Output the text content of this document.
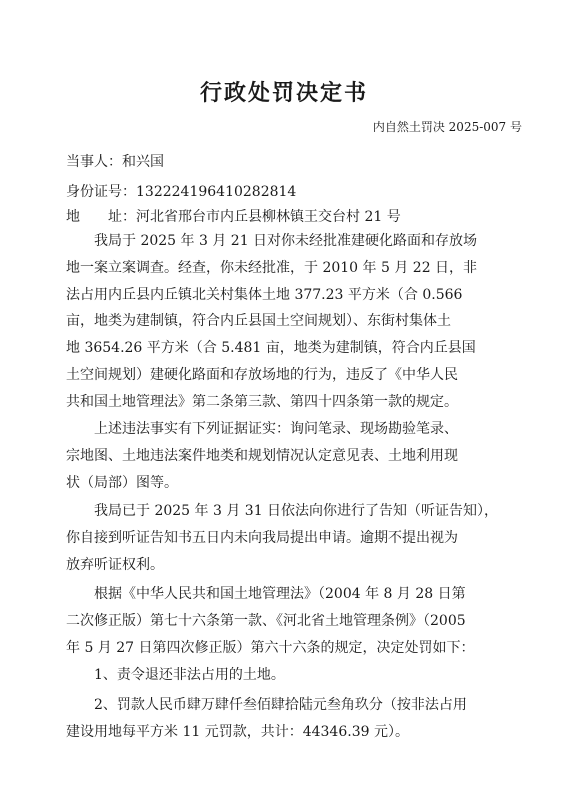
行政处罚决定书
内自然土罚决 2025-007 号
当事人：和兴国
身份证号：132224196410282814
地　　址：河北省邢台市内丘县柳林镇王交台村 21 号
　　我局于 2025 年 3 月 21 日对你未经批准建硬化路面和存放场
地一案立案调查。经查，你未经批准，于 2010 年 5 月 22 日，非
法占用内丘县内丘镇北关村集体土地 377.23 平方米（合 0.566
亩，地类为建制镇，符合内丘县国土空间规划）、东街村集体土
地 3654.26 平方米（合 5.481 亩，地类为建制镇，符合内丘县国
土空间规划）建硬化路面和存放场地的行为，违反了《中华人民
共和国土地管理法》第二条第三款、第四十四条第一款的规定。
　　上述违法事实有下列证据证实：询问笔录、现场勘验笔录、
宗地图、土地违法案件地类和规划情况认定意见表、土地利用现
状（局部）图等。
　　我局已于 2025 年 3 月 31 日依法向你进行了告知（听证告知），
你自接到听证告知书五日内未向我局提出申请。逾期不提出视为
放弃听证权利。
　　根据《中华人民共和国土地管理法》（2004 年 8 月 28 日第
二次修正版）第七十六条第一款、《河北省土地管理条例》（2005
年 5 月 27 日第四次修正版）第六十六条的规定，决定处罚如下：
　　1、责令退还非法占用的土地。
　　2、罚款人民币肆万肆仟叁佰肆拾陆元叁角玖分（按非法占用
建设用地每平方米 11 元罚款，共计：44346.39 元）。
